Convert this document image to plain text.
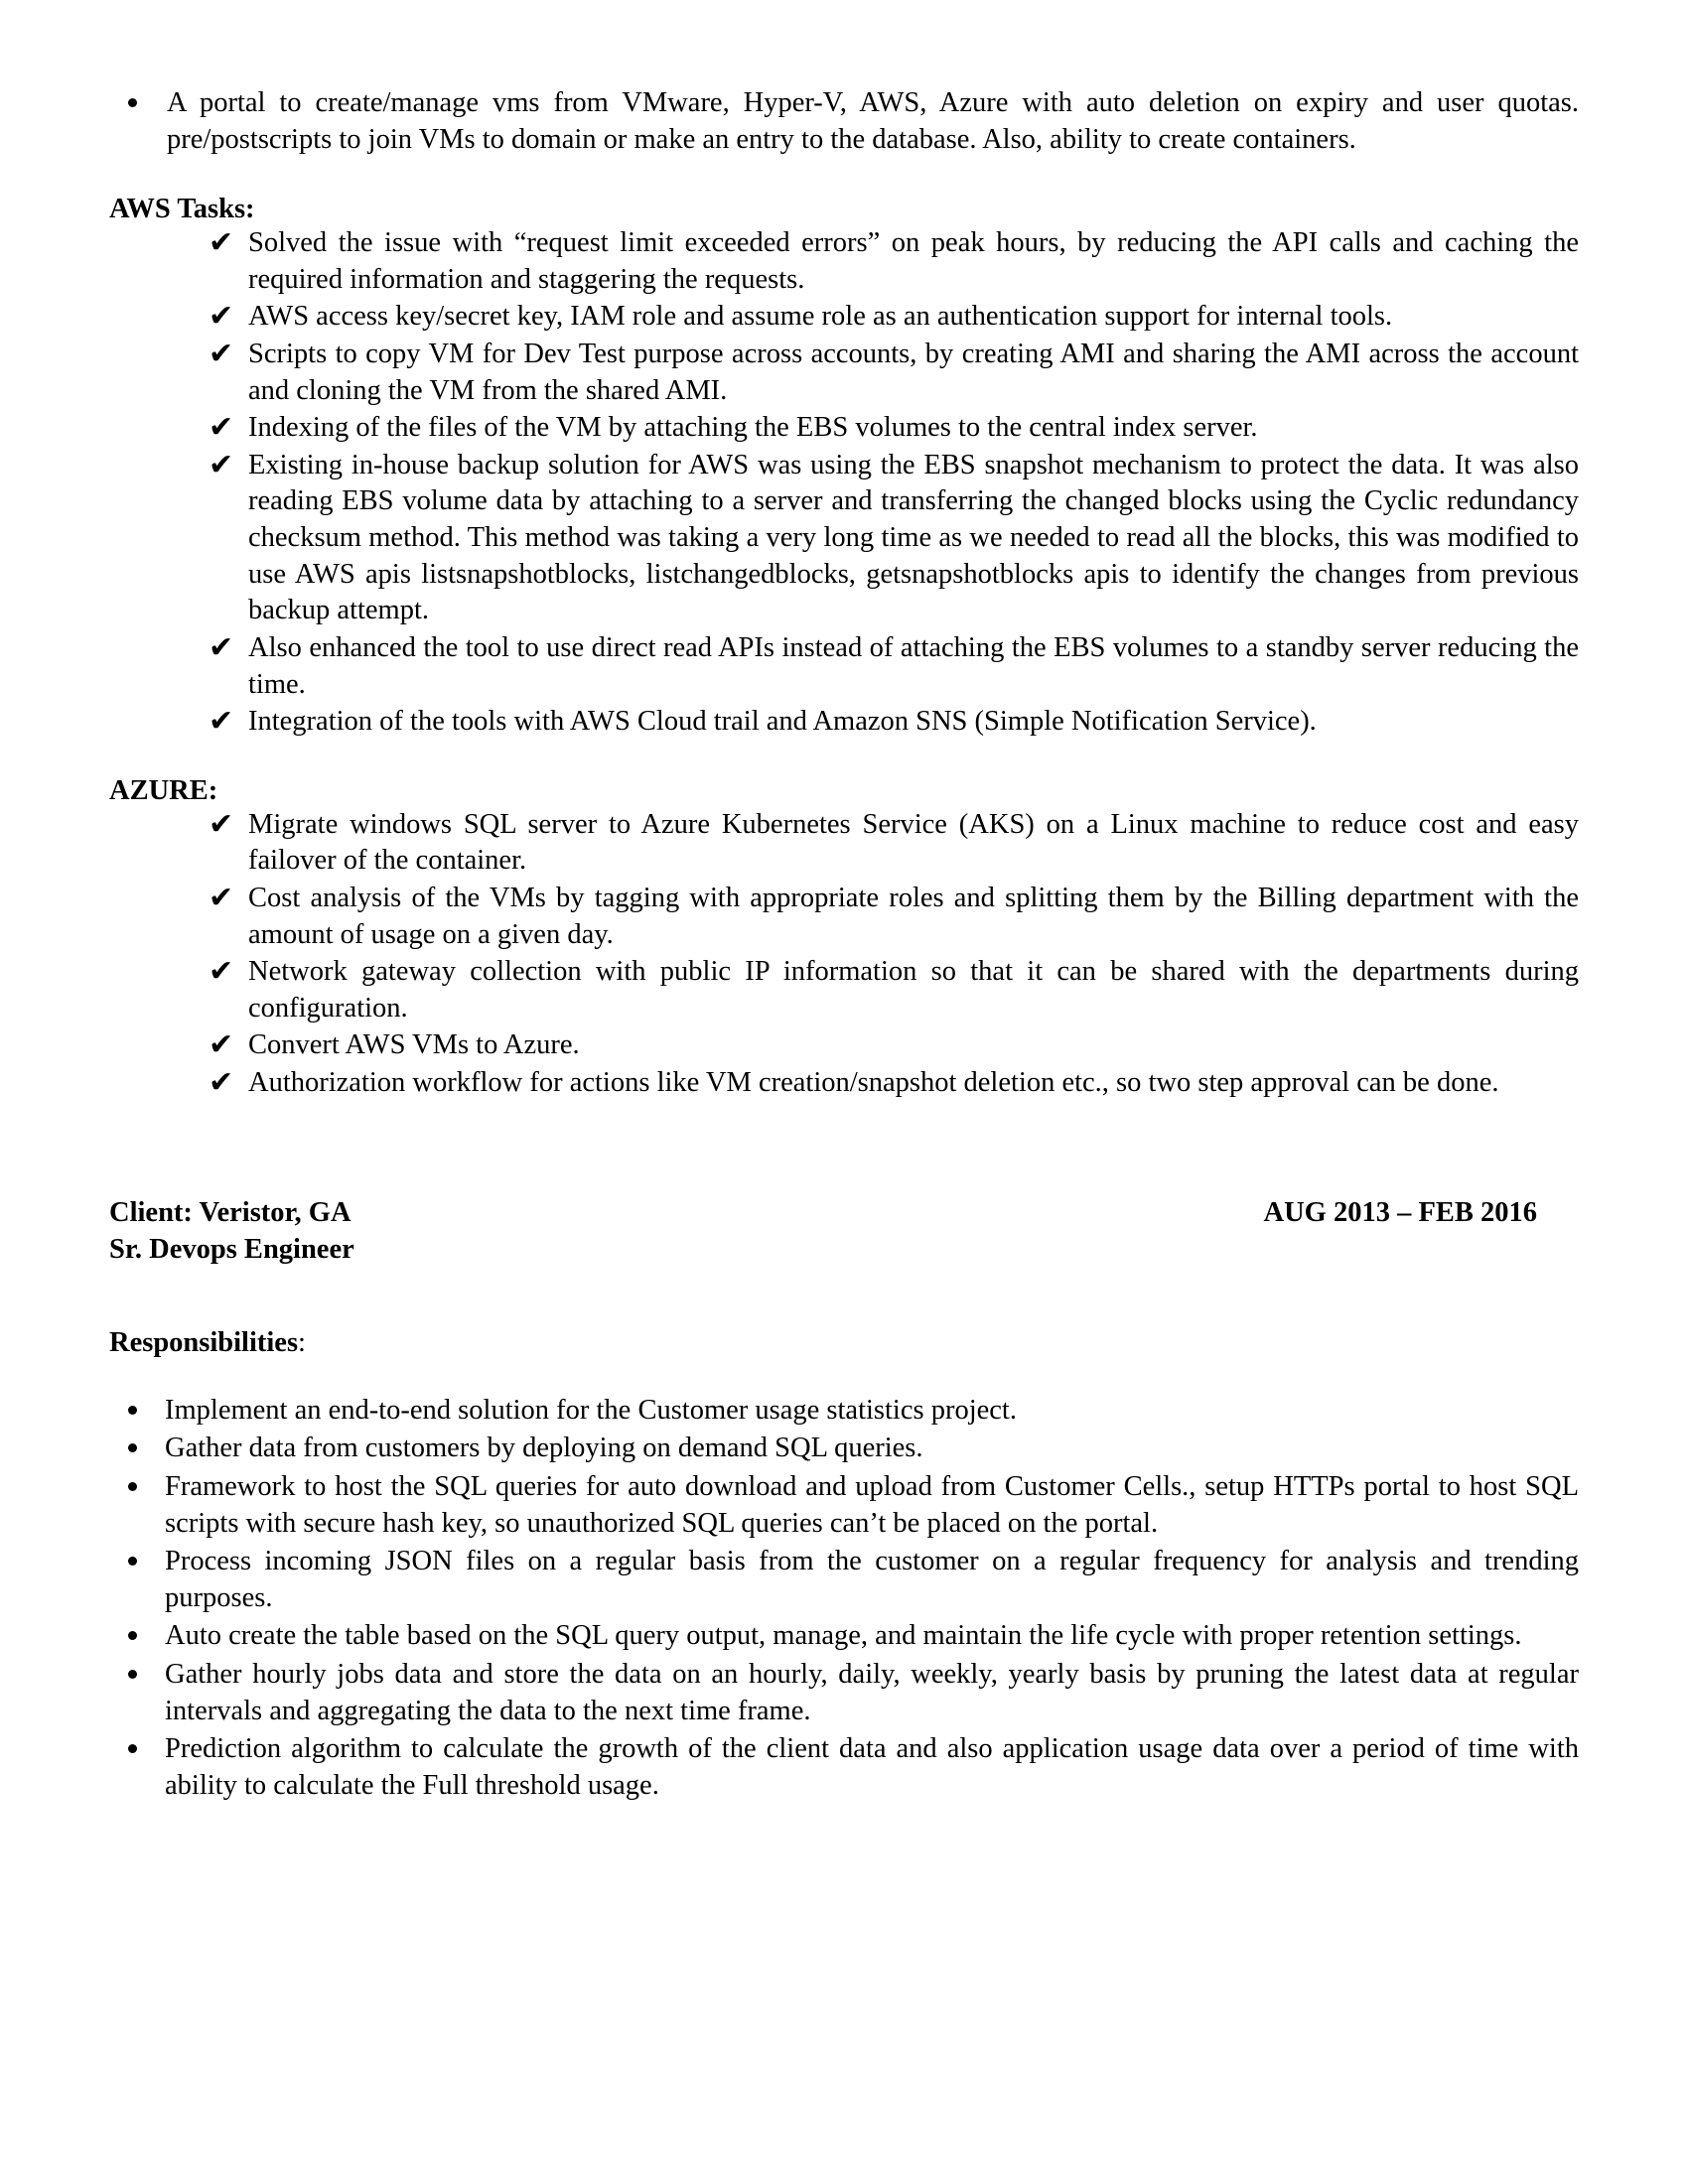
A portal to create/manage vms from VMware, Hyper-V, AWS, Azure with auto deletion on expiry and user quotas. pre/postscripts to join VMs to domain or make an entry to the database. Also, ability to create containers.
AWS Tasks:
✔ Solved the issue with “request limit exceeded errors” on peak hours, by reducing the API calls and caching the required information and staggering the requests.
✔ AWS access key/secret key, IAM role and assume role as an authentication support for internal tools.
✔ Scripts to copy VM for Dev Test purpose across accounts, by creating AMI and sharing the AMI across the account and cloning the VM from the shared AMI.
✔ Indexing of the files of the VM by attaching the EBS volumes to the central index server.
✔ Existing in-house backup solution for AWS was using the EBS snapshot mechanism to protect the data. It was also reading EBS volume data by attaching to a server and transferring the changed blocks using the Cyclic redundancy checksum method. This method was taking a very long time as we needed to read all the blocks, this was modified to use AWS apis listsnapshotblocks, listchangedblocks, getsnapshotblocks apis to identify the changes from previous backup attempt.
✔ Also enhanced the tool to use direct read APIs instead of attaching the EBS volumes to a standby server reducing the time.
✔ Integration of the tools with AWS Cloud trail and Amazon SNS (Simple Notification Service).
AZURE:
✔ Migrate windows SQL server to Azure Kubernetes Service (AKS) on a Linux machine to reduce cost and easy failover of the container.
✔ Cost analysis of the VMs by tagging with appropriate roles and splitting them by the Billing department with the amount of usage on a given day.
✔ Network gateway collection with public IP information so that it can be shared with the departments during configuration.
✔ Convert AWS VMs to Azure.
✔ Authorization workflow for actions like VM creation/snapshot deletion etc., so two step approval can be done.
Client: Veristor, GA
Sr. Devops Engineer
AUG 2013 – FEB 2016
Responsibilities:
Implement an end-to-end solution for the Customer usage statistics project.
Gather data from customers by deploying on demand SQL queries.
Framework to host the SQL queries for auto download and upload from Customer Cells., setup HTTPs portal to host SQL scripts with secure hash key, so unauthorized SQL queries can’t be placed on the portal.
Process incoming JSON files on a regular basis from the customer on a regular frequency for analysis and trending purposes.
Auto create the table based on the SQL query output, manage, and maintain the life cycle with proper retention settings.
Gather hourly jobs data and store the data on an hourly, daily, weekly, yearly basis by pruning the latest data at regular intervals and aggregating the data to the next time frame.
Prediction algorithm to calculate the growth of the client data and also application usage data over a period of time with ability to calculate the Full threshold usage.
